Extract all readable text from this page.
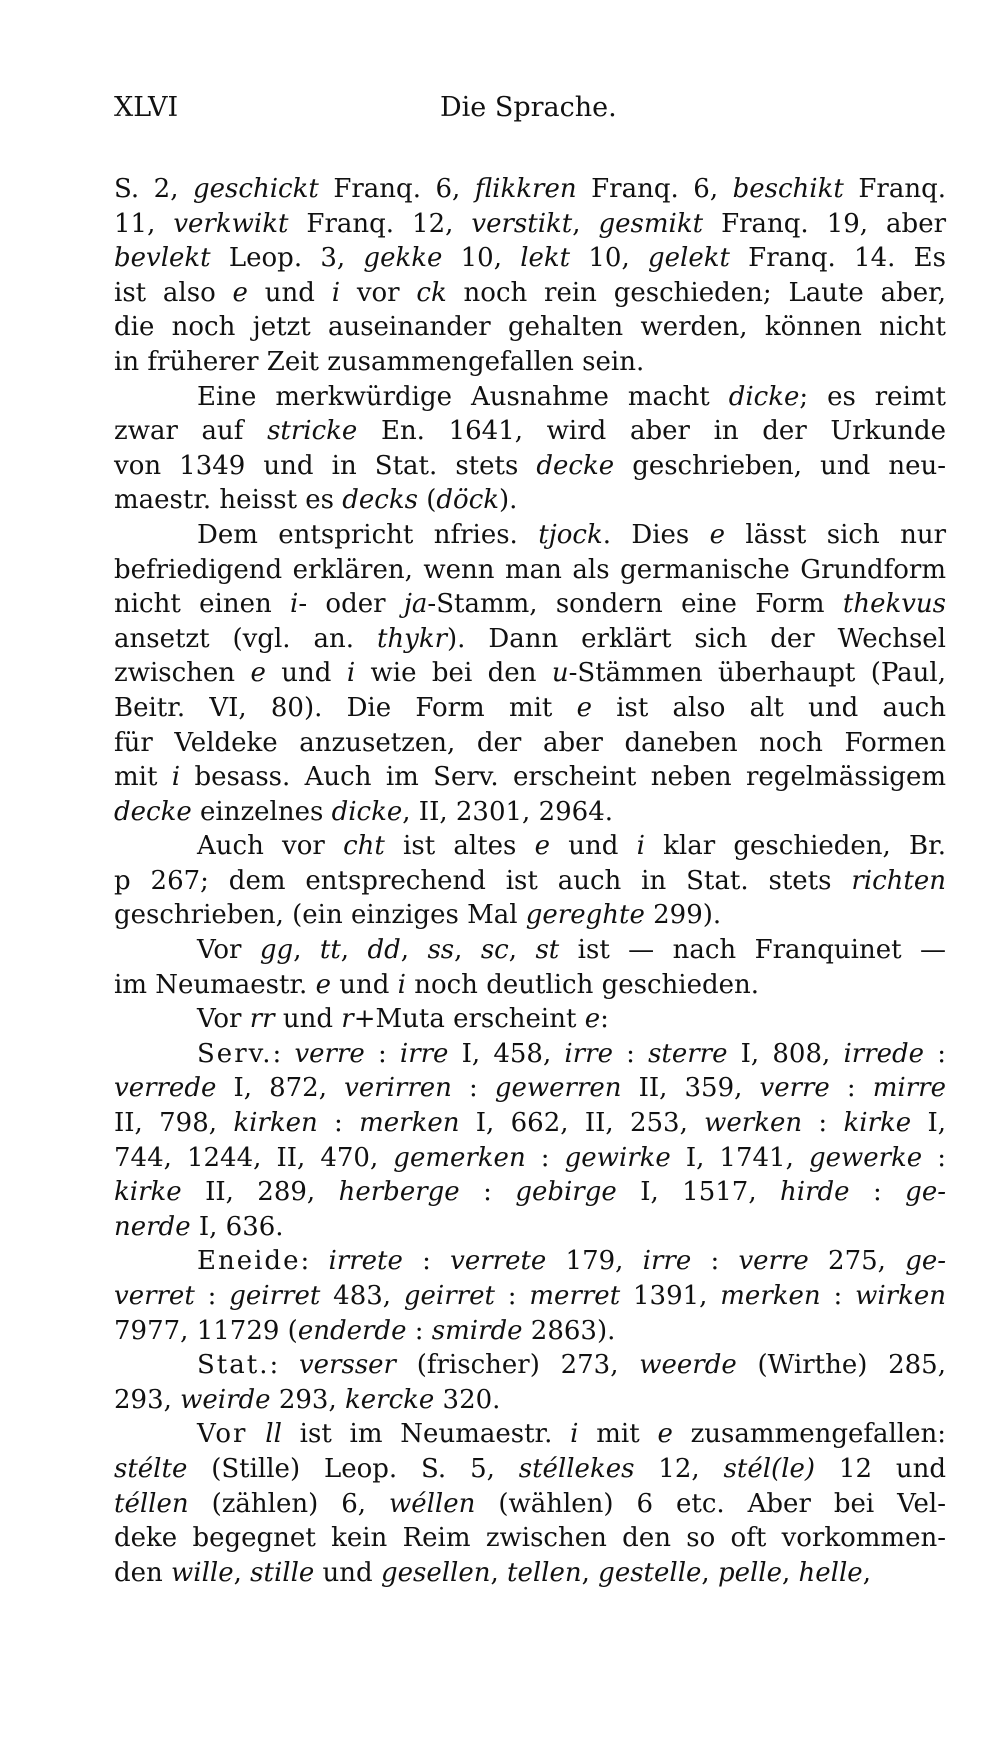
XLVI	Die Sprache.
S. 2, geschickt Franq. 6, flikkren Franq. 6, beschikt Franq.
11, verkwikt Franq. 12, verstikt, gesmikt Franq. 19, aber
bevlekt Leop. 3, gekke 10, lekt 10, gelekt Franq. 14. Es
ist also e und i vor ck noch rein geschieden; Laute aber,
die noch jetzt auseinander gehalten werden, können nicht
in früherer Zeit zusammengefallen sein.
Eine merkwürdige Ausnahme macht dicke; es reimt
zwar auf stricke En. 1641, wird aber in der Urkunde
von 1349 und in Stat. stets decke geschrieben, und neu-
maestr. heisst es decks (döck).
Dem entspricht nfries. tjock. Dies e lässt sich nur
befriedigend erklären, wenn man als germanische Grundform
nicht einen i- oder ja-Stamm, sondern eine Form thekvus
ansetzt (vgl. an. thykr). Dann erklärt sich der Wechsel
zwischen e und i wie bei den u-Stämmen überhaupt (Paul,
Beitr. VI, 80). Die Form mit e ist also alt und auch
für Veldeke anzusetzen, der aber daneben noch Formen
mit i besass. Auch im Serv. erscheint neben regelmässigem
decke einzelnes dicke, II, 2301, 2964.
Auch vor cht ist altes e und i klar geschieden, Br.
p 267; dem entsprechend ist auch in Stat. stets richten
geschrieben, (ein einziges Mal gereghte 299).
Vor gg, tt, dd, ss, sc, st ist — nach Franquinet —
im Neumaestr. e und i noch deutlich geschieden.
Vor rr und r+Muta erscheint e:
Serv.: verre : irre I, 458, irre : sterre I, 808, irrede :
verrede I, 872, verirren : gewerren II, 359, verre : mirre
II, 798, kirken : merken I, 662, II, 253, werken : kirke I,
744, 1244, II, 470, gemerken : gewirke I, 1741, gewerke :
kirke II, 289, herberge : gebirge I, 1517, hirde : ge-
nerde I, 636.
Eneide: irrete : verrete 179, irre : verre 275, ge-
verret : geirret 483, geirret : merret 1391, merken : wirken
7977, 11729 (enderde : smirde 2863).
Stat.: versser (frischer) 273, weerde (Wirthe) 285,
293, weirde 293, kercke 320.
Vor ll ist im Neumaestr. i mit e zusammengefallen:
stélte (Stille) Leop. S. 5, stéllekes 12, stél(le) 12 und
téllen (zählen) 6, wéllen (wählen) 6 etc. Aber bei Vel-
deke begegnet kein Reim zwischen den so oft vorkommen-
den wille, stille und gesellen, tellen, gestelle, pelle, helle,
